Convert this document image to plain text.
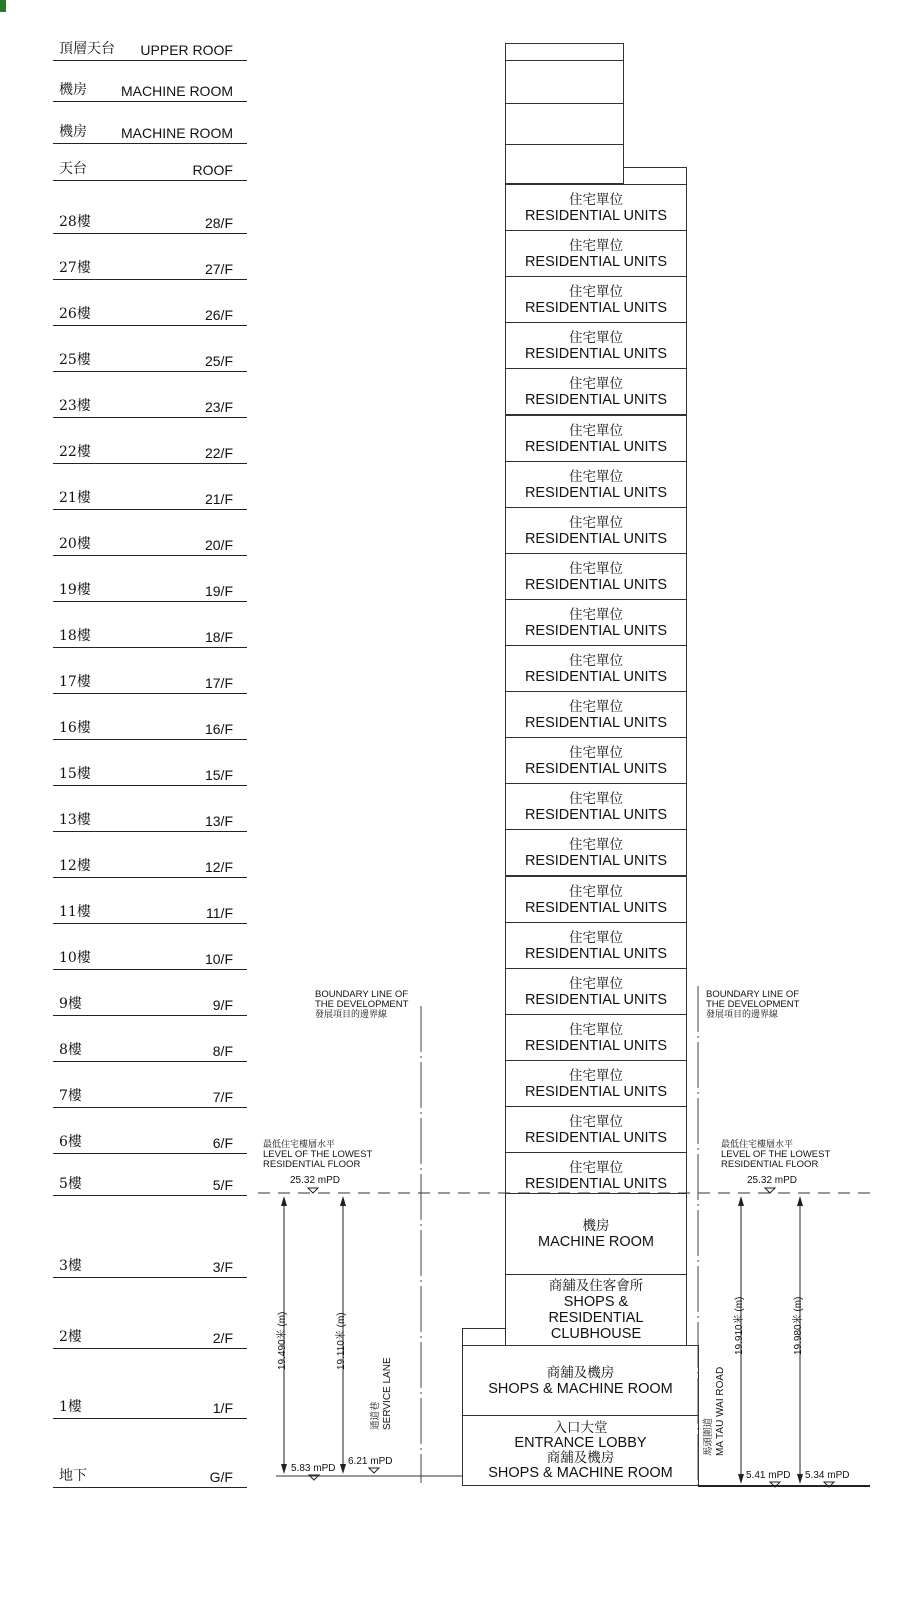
頂層天台 UPPER ROOF
機房 MACHINE ROOM
機房 MACHINE ROOM
天台	ROOF
28樓	28/F
27樓	27/F
26樓	26/F
25樓	25/F
23樓	23/F
22樓	22/F
21樓	21/F
20樓	20/F
19樓	19/F
18樓	18/F
17樓	17/F
16樓	16/F
15樓	15/F
13樓	13/F
12樓	12/F
11樓	11/F
10樓	10/F
9樓	9/F
8樓	8/F
7樓	7/F
6樓	6/F
5樓	5/F
3樓	3/F
2樓	2/F
1樓	1/F
地下	G/F
住宅單位
RESIDENTIAL UNITS
住宅單位
RESIDENTIAL UNITS
住宅單位
RESIDENTIAL UNITS
住宅單位
RESIDENTIAL UNITS
住宅單位
RESIDENTIAL UNITS
住宅單位
RESIDENTIAL UNITS
住宅單位
RESIDENTIAL UNITS
住宅單位
RESIDENTIAL UNITS
住宅單位
RESIDENTIAL UNITS
住宅單位
RESIDENTIAL UNITS
住宅單位
RESIDENTIAL UNITS
住宅單位
RESIDENTIAL UNITS
住宅單位
RESIDENTIAL UNITS
住宅單位
RESIDENTIAL UNITS
住宅單位
RESIDENTIAL UNITS
住宅單位
RESIDENTIAL UNITS
住宅單位
RESIDENTIAL UNITS
住宅單位
RESIDENTIAL UNITS
住宅單位
RESIDENTIAL UNITS
住宅單位
RESIDENTIAL UNITS
住宅單位
RESIDENTIAL UNITS
住宅單位
RESIDENTIAL UNITS
機房
MACHINE ROOM
商舖及住客會所
SHOPS &
RESIDENTIAL
CLUBHOUSE
商舖及機房
SHOPS & MACHINE ROOM
入口大堂
ENTRANCE LOBBY
商舖及機房
SHOPS & MACHINE ROOM
BOUNDARY LINE OF
THE DEVELOPMENT
發展項目的邊界線
BOUNDARY LINE OF
THE DEVELOPMENT
發展項目的邊界線
最低住宅樓層水平
LEVEL OF THE LOWEST
RESIDENTIAL FLOOR
25.32 mPD
最低住宅樓層水平
LEVEL OF THE LOWEST
RESIDENTIAL FLOOR
25.32 mPD
5.83 mPD
6.21 mPD
5.41 mPD 5.34 mPD
19.490米 (m)	19.110米 (m)	19.910米 (m)	19.980米 (m)
通道巷 SERVICE LANE
馬頭圍道 MA TAU WAI ROAD
